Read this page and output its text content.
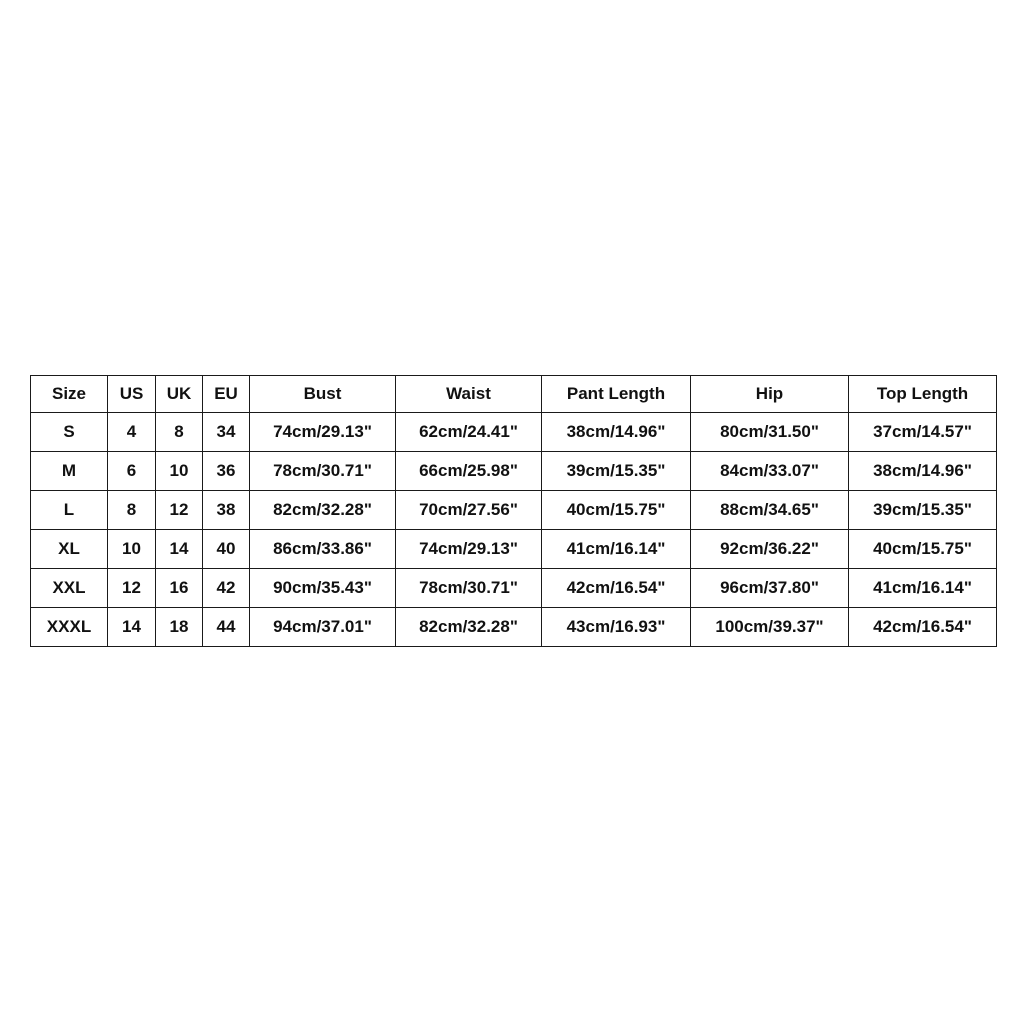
Size	US	UK	EU	Bust	Waist	Pant Length	Hip	Top Length
S	4	8	34	74cm/29.13"	62cm/24.41"	38cm/14.96"	80cm/31.50"	37cm/14.57"
M	6	10	36	78cm/30.71"	66cm/25.98"	39cm/15.35"	84cm/33.07"	38cm/14.96"
L	8	12	38	82cm/32.28"	70cm/27.56"	40cm/15.75"	88cm/34.65"	39cm/15.35"
XL	10	14	40	86cm/33.86"	74cm/29.13"	41cm/16.14"	92cm/36.22"	40cm/15.75"
XXL	12	16	42	90cm/35.43"	78cm/30.71"	42cm/16.54"	96cm/37.80"	41cm/16.14"
XXXL	14	18	44	94cm/37.01"	82cm/32.28"	43cm/16.93"	100cm/39.37"	42cm/16.54"
